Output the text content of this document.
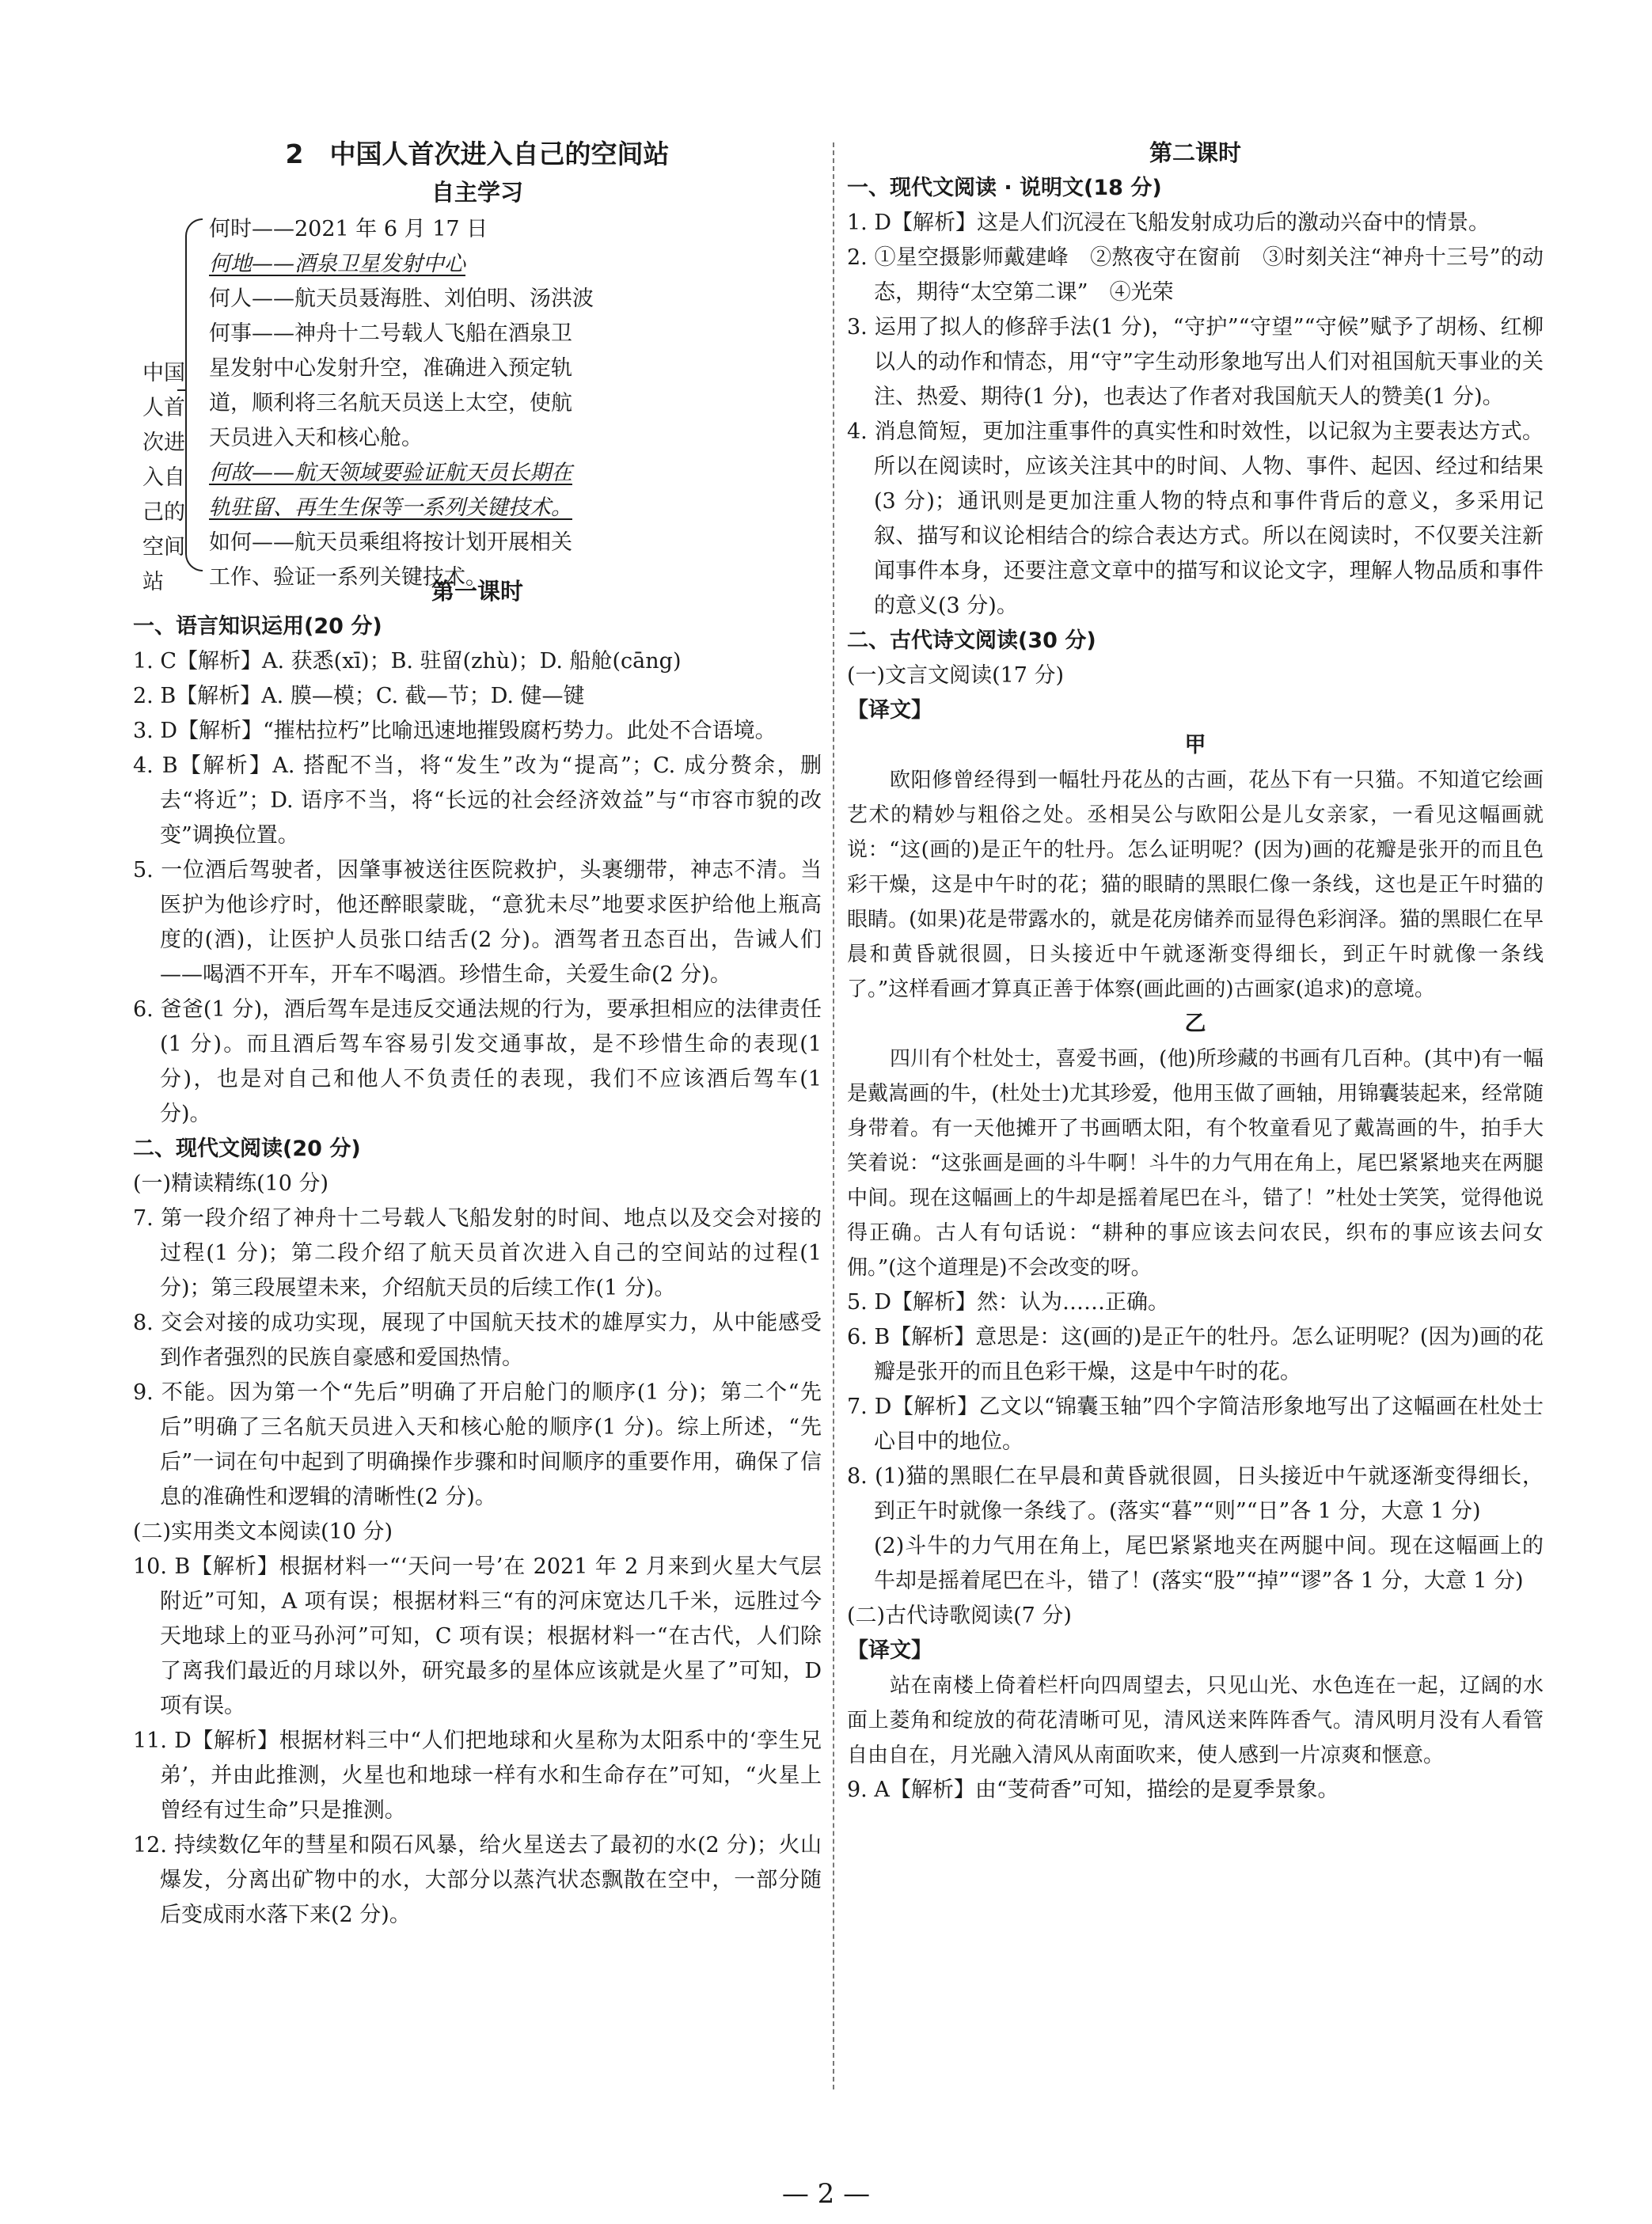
2　中国人首次进入自己的空间站
自主学习
中国
人首
次进
入自
己的
空间
站
何时——2021 年 6 月 17 日
何地——酒泉卫星发射中心
何人——航天员聂海胜、刘伯明、汤洪波
何事——神舟十二号载人飞船在酒泉卫
星发射中心发射升空，准确进入预定轨
道，顺利将三名航天员送上太空，使航
天员进入天和核心舱。
何故——航天领域要验证航天员长期在
轨驻留、再生生保等一系列关键技术。
如何——航天员乘组将按计划开展相关
工作、验证一系列关键技术。
第一课时
一、语言知识运用(20 分)
1. C【解析】A. 获悉(xī)；B. 驻留(zhù)；D. 船舱(cāng)
2. B【解析】A. 膜—模；C. 截—节；D. 健—键
3. D【解析】“摧枯拉朽”比喻迅速地摧毁腐朽势力。此处不合语境。
4. B【解析】A. 搭配不当，将“发生”改为“提高”；C. 成分赘余，删去“将近”；D. 语序不当，将“长远的社会经济效益”与“市容市貌的改变”调换位置。
5. 一位酒后驾驶者，因肇事被送往医院救护，头裹绷带，神志不清。当医护为他诊疗时，他还醉眼蒙眬，“意犹未尽”地要求医护给他上瓶高度的(酒)，让医护人员张口结舌(2 分)。酒驾者丑态百出，告诫人们——喝酒不开车，开车不喝酒。珍惜生命，关爱生命(2 分)。
6. 爸爸(1 分)，酒后驾车是违反交通法规的行为，要承担相应的法律责任(1 分)。而且酒后驾车容易引发交通事故，是不珍惜生命的表现(1 分)，也是对自己和他人不负责任的表现，我们不应该酒后驾车(1 分)。
二、现代文阅读(20 分)
(一)精读精练(10 分)
7. 第一段介绍了神舟十二号载人飞船发射的时间、地点以及交会对接的过程(1 分)；第二段介绍了航天员首次进入自己的空间站的过程(1 分)；第三段展望未来，介绍航天员的后续工作(1 分)。
8. 交会对接的成功实现，展现了中国航天技术的雄厚实力，从中能感受到作者强烈的民族自豪感和爱国热情。
9. 不能。因为第一个“先后”明确了开启舱门的顺序(1 分)；第二个“先后”明确了三名航天员进入天和核心舱的顺序(1 分)。综上所述，“先后”一词在句中起到了明确操作步骤和时间顺序的重要作用，确保了信息的准确性和逻辑的清晰性(2 分)。
(二)实用类文本阅读(10 分)
10. B【解析】根据材料一“‘天问一号’在 2021 年 2 月来到火星大气层附近”可知，A 项有误；根据材料三“有的河床宽达几千米，远胜过今天地球上的亚马孙河”可知，C 项有误；根据材料一“在古代，人们除了离我们最近的月球以外，研究最多的星体应该就是火星了”可知，D 项有误。
11. D【解析】根据材料三中“人们把地球和火星称为太阳系中的‘孪生兄弟’，并由此推测，火星也和地球一样有水和生命存在”可知，“火星上曾经有过生命”只是推测。
12. 持续数亿年的彗星和陨石风暴，给火星送去了最初的水(2 分)；火山爆发，分离出矿物中的水，大部分以蒸汽状态飘散在空中，一部分随后变成雨水落下来(2 分)。
第二课时
一、现代文阅读 · 说明文(18 分)
1. D【解析】这是人们沉浸在飞船发射成功后的激动兴奋中的情景。
2. ①星空摄影师戴建峰　②熬夜守在窗前　③时刻关注“神舟十三号”的动态，期待“太空第二课”　④光荣
3. 运用了拟人的修辞手法(1 分)，“守护”“守望”“守候”赋予了胡杨、红柳以人的动作和情态，用“守”字生动形象地写出人们对祖国航天事业的关注、热爱、期待(1 分)，也表达了作者对我国航天人的赞美(1 分)。
4. 消息简短，更加注重事件的真实性和时效性，以记叙为主要表达方式。所以在阅读时，应该关注其中的时间、人物、事件、起因、经过和结果(3 分)；通讯则是更加注重人物的特点和事件背后的意义，多采用记叙、描写和议论相结合的综合表达方式。所以在阅读时，不仅要关注新闻事件本身，还要注意文章中的描写和议论文字，理解人物品质和事件的意义(3 分)。
二、古代诗文阅读(30 分)
(一)文言文阅读(17 分)
【译文】
甲
欧阳修曾经得到一幅牡丹花丛的古画，花丛下有一只猫。不知道它绘画艺术的精妙与粗俗之处。丞相吴公与欧阳公是儿女亲家，一看见这幅画就说：“这(画的)是正午的牡丹。怎么证明呢？(因为)画的花瓣是张开的而且色彩干燥，这是中午时的花；猫的眼睛的黑眼仁像一条线，这也是正午时猫的眼睛。(如果)花是带露水的，就是花房储养而显得色彩润泽。猫的黑眼仁在早晨和黄昏就很圆，日头接近中午就逐渐变得细长，到正午时就像一条线了。”这样看画才算真正善于体察(画此画的)古画家(追求)的意境。
乙
四川有个杜处士，喜爱书画，(他)所珍藏的书画有几百种。(其中)有一幅是戴嵩画的牛，(杜处士)尤其珍爱，他用玉做了画轴，用锦囊装起来，经常随身带着。有一天他摊开了书画晒太阳，有个牧童看见了戴嵩画的牛，拍手大笑着说：“这张画是画的斗牛啊！斗牛的力气用在角上，尾巴紧紧地夹在两腿中间。现在这幅画上的牛却是摇着尾巴在斗，错了！”杜处士笑笑，觉得他说得正确。古人有句话说：“耕种的事应该去问农民，织布的事应该去问女佣。”(这个道理是)不会改变的呀。
5. D【解析】然：认为……正确。
6. B【解析】意思是：这(画的)是正午的牡丹。怎么证明呢？(因为)画的花瓣是张开的而且色彩干燥，这是中午时的花。
7. D【解析】乙文以“锦囊玉轴”四个字简洁形象地写出了这幅画在杜处士心目中的地位。
8. (1)猫的黑眼仁在早晨和黄昏就很圆，日头接近中午就逐渐变得细长，到正午时就像一条线了。(落实“暮”“则”“日”各 1 分，大意 1 分)
(2)斗牛的力气用在角上，尾巴紧紧地夹在两腿中间。现在这幅画上的牛却是摇着尾巴在斗，错了！(落实“股”“掉”“谬”各 1 分，大意 1 分)
(二)古代诗歌阅读(7 分)
【译文】
站在南楼上倚着栏杆向四周望去，只见山光、水色连在一起，辽阔的水面上菱角和绽放的荷花清晰可见，清风送来阵阵香气。清风明月没有人看管自由自在，月光融入清风从南面吹来，使人感到一片凉爽和惬意。
9. A【解析】由“芰荷香”可知，描绘的是夏季景象。
— 2 —
